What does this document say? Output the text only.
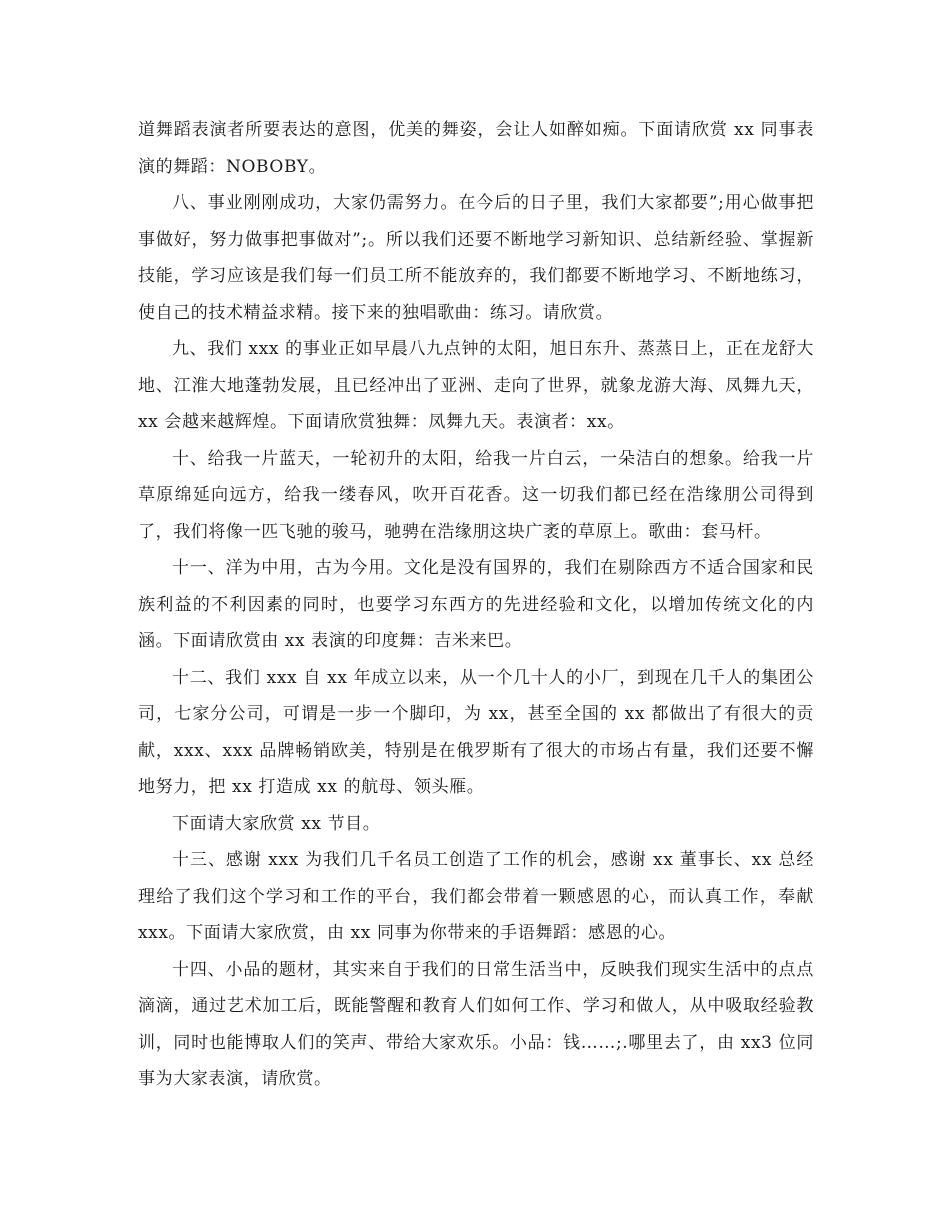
道舞蹈表演者所要表达的意图，优美的舞姿，会让人如醉如痴。下面请欣赏 xx 同事表演的舞蹈：NOBOBY。

八、事业刚刚成功，大家仍需努力。在今后的日子里，我们大家都要”;用心做事把事做好，努力做事把事做对”;。所以我们还要不断地学习新知识、总结新经验、掌握新技能，学习应该是我们每一们员工所不能放弃的，我们都要不断地学习、不断地练习，使自己的技术精益求精。接下来的独唱歌曲：练习。请欣赏。

九、我们 xxx 的事业正如早晨八九点钟的太阳，旭日东升、蒸蒸日上，正在龙舒大地、江淮大地蓬勃发展，且已经冲出了亚洲、走向了世界，就象龙游大海、凤舞九天，xx 会越来越辉煌。下面请欣赏独舞：凤舞九天。表演者：xx。

十、给我一片蓝天，一轮初升的太阳，给我一片白云，一朵洁白的想象。给我一片草原绵延向远方，给我一缕春风，吹开百花香。这一切我们都已经在浩缘朋公司得到了，我们将像一匹飞驰的骏马，驰骋在浩缘朋这块广袤的草原上。歌曲：套马杆。

十一、洋为中用，古为今用。文化是没有国界的，我们在剔除西方不适合国家和民族利益的不利因素的同时，也要学习东西方的先进经验和文化，以增加传统文化的内涵。下面请欣赏由 xx 表演的印度舞：吉米来巴。

十二、我们 xxx 自 xx 年成立以来，从一个几十人的小厂，到现在几千人的集团公司，七家分公司，可谓是一步一个脚印，为 xx，甚至全国的 xx 都做出了有很大的贡献，xxx、xxx 品牌畅销欧美，特别是在俄罗斯有了很大的市场占有量，我们还要不懈地努力，把 xx 打造成 xx 的航母、领头雁。

下面请大家欣赏 xx 节目。

十三、感谢 xxx 为我们几千名员工创造了工作的机会，感谢 xx 董事长、xx 总经理给了我们这个学习和工作的平台，我们都会带着一颗感恩的心，而认真工作，奉献 xxx。下面请大家欣赏，由 xx 同事为你带来的手语舞蹈：感恩的心。

十四、小品的题材，其实来自于我们的日常生活当中，反映我们现实生活中的点点滴滴，通过艺术加工后，既能警醒和教育人们如何工作、学习和做人，从中吸取经验教训，同时也能博取人们的笑声、带给大家欢乐。小品：钱……;.哪里去了，由 xx3 位同事为大家表演，请欣赏。
